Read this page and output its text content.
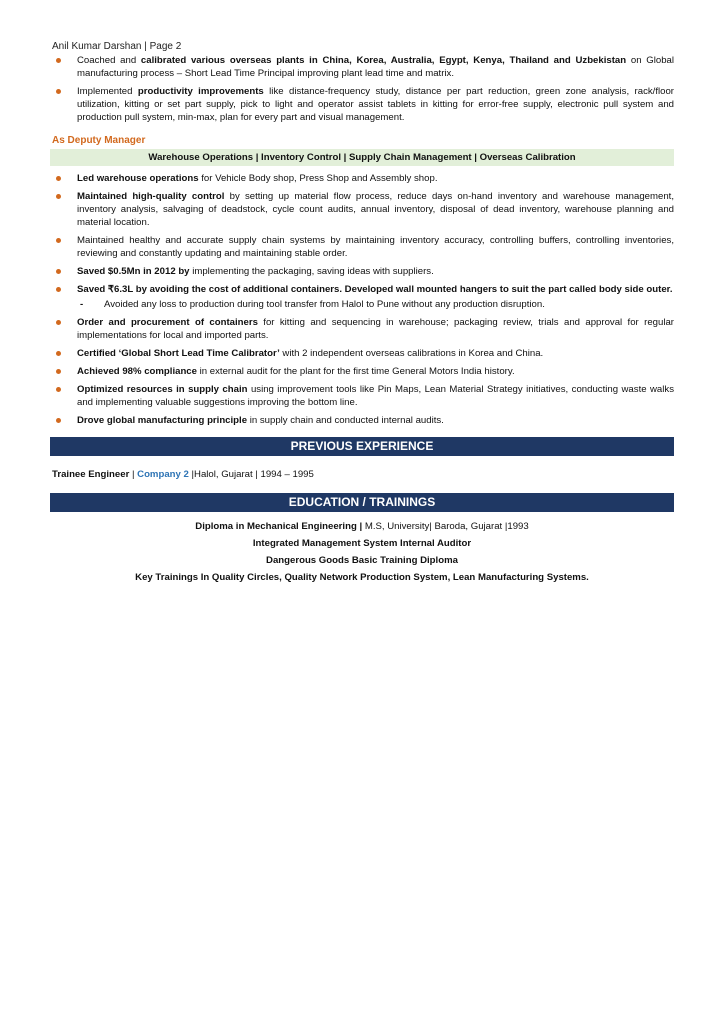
Anil Kumar Darshan | Page 2
Coached and calibrated various overseas plants in China, Korea, Australia, Egypt, Kenya, Thailand and Uzbekistan on Global manufacturing process – Short Lead Time Principal improving plant lead time and matrix.
Implemented productivity improvements like distance-frequency study, distance per part reduction, green zone analysis, rack/floor utilization, kitting or set part supply, pick to light and operator assist tablets in kitting for error-free supply, electronic pull system and production pull system, min-max, plan for every part and visual management.
As Deputy Manager
Warehouse Operations | Inventory Control | Supply Chain Management | Overseas Calibration
Led warehouse operations for Vehicle Body shop, Press Shop and Assembly shop.
Maintained high-quality control by setting up material flow process, reduce days on-hand inventory and warehouse management, inventory analysis, salvaging of deadstock, cycle count audits, annual inventory, disposal of dead inventory, warehouse planning and material location.
Maintained healthy and accurate supply chain systems by maintaining inventory accuracy, controlling buffers, controlling inventories, reviewing and constantly updating and maintaining stable order.
Saved $0.5Mn in 2012 by implementing the packaging, saving ideas with suppliers.
Saved ₹6.3L by avoiding the cost of additional containers. Developed wall mounted hangers to suit the part called body side outer.
- Avoided any loss to production during tool transfer from Halol to Pune without any production disruption.
Order and procurement of containers for kitting and sequencing in warehouse; packaging review, trials and approval for regular implementations for local and imported parts.
Certified ‘Global Short Lead Time Calibrator’ with 2 independent overseas calibrations in Korea and China.
Achieved 98% compliance in external audit for the plant for the first time General Motors India history.
Optimized resources in supply chain using improvement tools like Pin Maps, Lean Material Strategy initiatives, conducting waste walks and implementing valuable suggestions improving the bottom line.
Drove global manufacturing principle in supply chain and conducted internal audits.
PREVIOUS EXPERIENCE
Trainee Engineer | Company 2 |Halol, Gujarat | 1994 – 1995
EDUCATION / TRAININGS
Diploma in Mechanical Engineering | M.S, University| Baroda, Gujarat |1993
Integrated Management System Internal Auditor
Dangerous Goods Basic Training Diploma
Key Trainings In Quality Circles, Quality Network Production System, Lean Manufacturing Systems.
